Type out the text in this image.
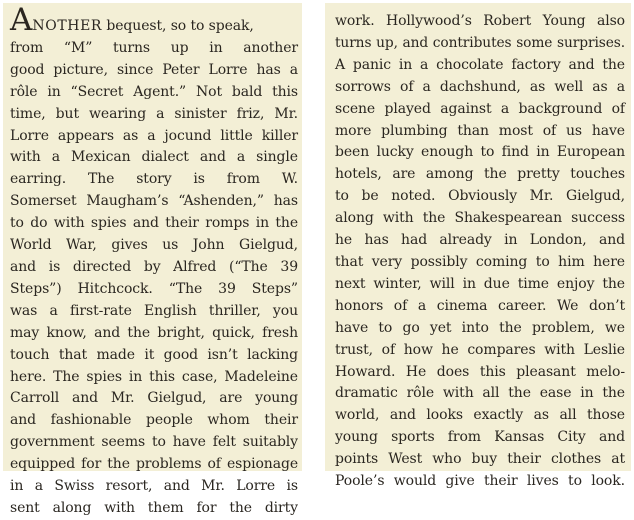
ANOTHER bequest, so to speak,
from “M” turns up in another
good picture, since Peter Lorre has a
rôle in “Secret Agent.” Not bald this
time, but wearing a sinister friz, Mr.
Lorre appears as a jocund little killer
with a Mexican dialect and a single
earring. The story is from W.
Somerset Maugham’s “Ashenden,” has
to do with spies and their romps in the
World War, gives us John Gielgud,
and is directed by Alfred (“The 39
Steps”) Hitchcock. “The 39 Steps”
was a first-rate English thriller, you
may know, and the bright, quick, fresh
touch that made it good isn’t lacking
here. The spies in this case, Madeleine
Carroll and Mr. Gielgud, are young
and fashionable people whom their
government seems to have felt suitably
equipped for the problems of espionage
in a Swiss resort, and Mr. Lorre is
sent along with them for the dirty
work. Hollywood’s Robert Young also
turns up, and contributes some surprises.
A panic in a chocolate factory and the
sorrows of a dachshund, as well as a
scene played against a background of
more plumbing than most of us have
been lucky enough to find in European
hotels, are among the pretty touches
to be noted. Obviously Mr. Gielgud,
along with the Shakespearean success
he has had already in London, and
that very possibly coming to him here
next winter, will in due time enjoy the
honors of a cinema career. We don’t
have to go yet into the problem, we
trust, of how he compares with Leslie
Howard. He does this pleasant melo-
dramatic rôle with all the ease in the
world, and looks exactly as all those
young sports from Kansas City and
points West who buy their clothes at
Poole’s would give their lives to look.
